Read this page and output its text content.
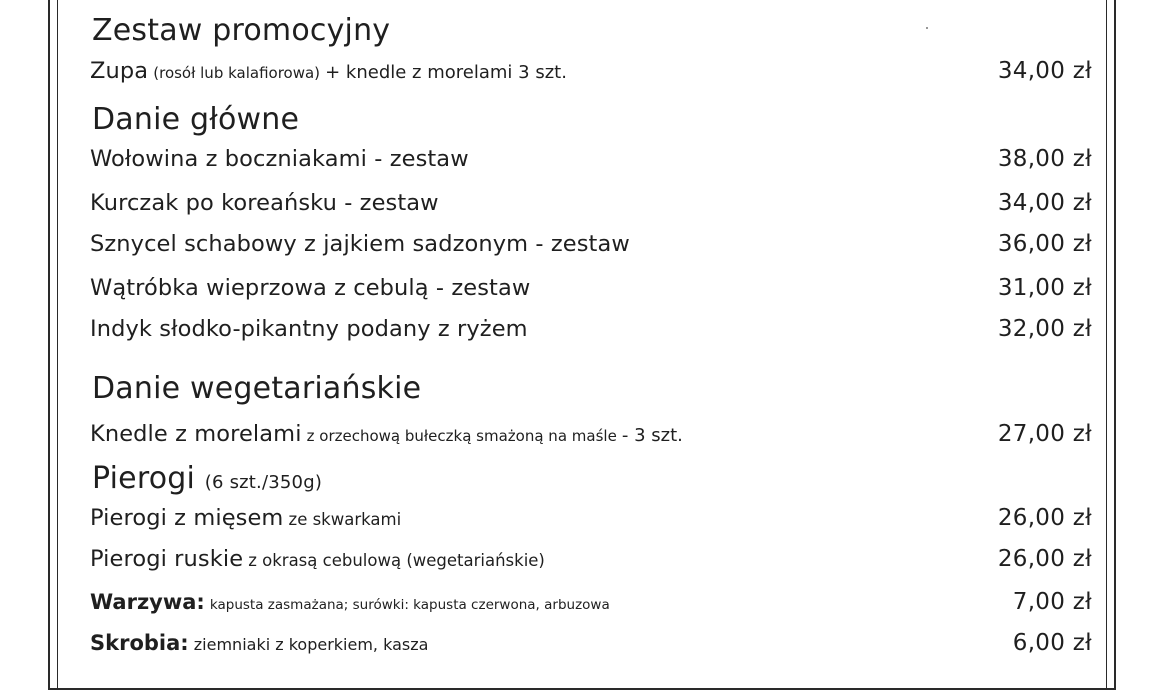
Zestaw promocyjny
Zupa (rosół lub kalafiorowa) + knedle z morelami 3 szt.	34,00 zł
Danie główne
Wołowina z boczniakami - zestaw	38,00 zł
Kurczak po koreańsku - zestaw	34,00 zł
Sznycel schabowy z jajkiem sadzonym - zestaw	36,00 zł
Wątróbka wieprzowa z cebulą - zestaw	31,00 zł
Indyk słodko-pikantny podany z ryżem	32,00 zł
Danie wegetariańskie
Knedle z morelami z orzechową bułeczką smażoną na maśle - 3 szt.	27,00 zł
Pierogi (6 szt./350g)
Pierogi z mięsem ze skwarkami	26,00 zł
Pierogi ruskie z okrasą cebulową (wegetariańskie)	26,00 zł
Warzywa: kapusta zasmażana; surówki: kapusta czerwona, arbuzowa	7,00 zł
Skrobia: ziemniaki z koperkiem, kasza	6,00 zł
